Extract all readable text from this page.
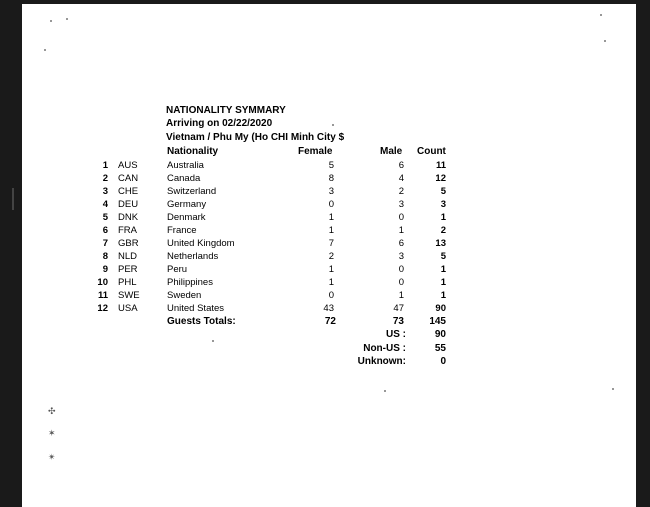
✣
✶
✴
NATIONALITY SYMMARY
Arriving on 02/22/2020
Vietnam / Phu My (Ho CHI Minh City $
Nationality	Female	Male Count
1 AUS	Australia	5	6	11
2 CAN	Canada	8	4	12
3 CHE	Switzerland	3	2	5
4 DEU	Germany	0	3	3
5 DNK	Denmark	1	0	1
6 FRA	France	1	1	2
7 GBR	United Kingdom	7	6	13
8 NLD	Netherlands	2	3	5
9 PER	Peru	1	0	1
10 PHL	Philippines	1	0	1
11 SWE	Sweden	0	1	1
12 USA	United States	43	47	90
Guests Totals:	72	73	145
US :	90
Non-US :	55
Unknown:	0
